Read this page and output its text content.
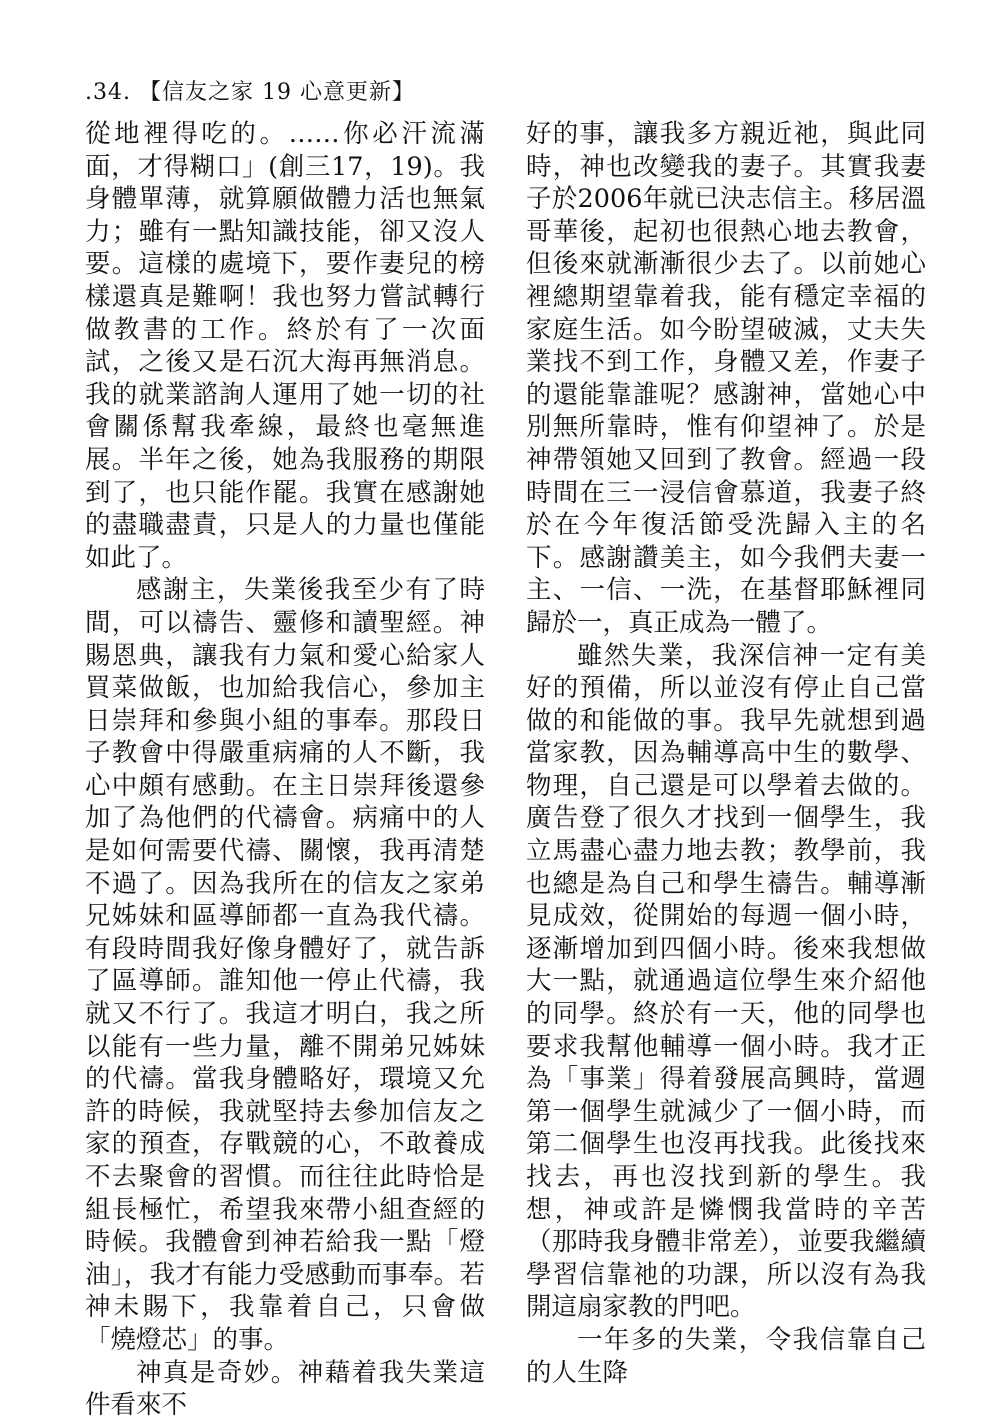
.34. 【信友之家 19 心意更新】

從地裡得吃的。……你必汗流滿面，才得糊口」(創三17，19)。我身體單薄，就算願做體力活也無氣力；雖有一點知識技能，卻又沒人要。這樣的處境下，要作妻兒的榜樣還真是難啊！我也努力嘗試轉行做教書的工作。終於有了一次面試，之後又是石沉大海再無消息。我的就業諮詢人運用了她一切的社會關係幫我牽線，最終也毫無進展。半年之後，她為我服務的期限到了，也只能作罷。我實在感謝她的盡職盡責，只是人的力量也僅能如此了。

感謝主，失業後我至少有了時間，可以禱告、靈修和讀聖經。神賜恩典，讓我有力氣和愛心給家人買菜做飯，也加給我信心，參加主日崇拜和參與小組的事奉。那段日子教會中得嚴重病痛的人不斷，我心中頗有感動。在主日崇拜後還參加了為他們的代禱會。病痛中的人是如何需要代禱、關懷，我再清楚不過了。因為我所在的信友之家弟兄姊妹和區導師都一直為我代禱。有段時間我好像身體好了，就告訴了區導師。誰知他一停止代禱，我就又不行了。我這才明白，我之所以能有一些力量，離不開弟兄姊妹的代禱。當我身體略好，環境又允許的時候，我就堅持去參加信友之家的預查，存戰競的心，不敢養成不去聚會的習慣。而往往此時恰是組長極忙，希望我來帶小組查經的時候。我體會到神若給我一點「燈油」，我才有能力受感動而事奉。若神未賜下，我靠着自己，只會做「燒燈芯」的事。

神真是奇妙。神藉着我失業這件看來不

好的事，讓我多方親近祂，與此同時，神也改變我的妻子。其實我妻子於2006年就已決志信主。移居溫哥華後，起初也很熱心地去教會，但後來就漸漸很少去了。以前她心裡總期望靠着我，能有穩定幸福的家庭生活。如今盼望破滅，丈夫失業找不到工作，身體又差，作妻子的還能靠誰呢？感謝神，當她心中別無所靠時，惟有仰望神了。於是神帶領她又回到了教會。經過一段時間在三一浸信會慕道，我妻子終於在今年復活節受洗歸入主的名下。感謝讚美主，如今我們夫妻一主、一信、一洗，在基督耶穌裡同歸於一，真正成為一體了。

雖然失業，我深信神一定有美好的預備，所以並沒有停止自己當做的和能做的事。我早先就想到過當家教，因為輔導高中生的數學、物理，自己還是可以學着去做的。廣告登了很久才找到一個學生，我立馬盡心盡力地去教；教學前，我也總是為自己和學生禱告。輔導漸見成效，從開始的每週一個小時，逐漸增加到四個小時。後來我想做大一點，就通過這位學生來介紹他的同學。終於有一天，他的同學也要求我幫他輔導一個小時。我才正為「事業」得着發展高興時，當週第一個學生就減少了一個小時，而第二個學生也沒再找我。此後找來找去，再也沒找到新的學生。我想，神或許是憐憫我當時的辛苦（那時我身體非常差），並要我繼續學習信靠祂的功課，所以沒有為我開這扇家教的門吧。

一年多的失業，令我信靠自己的人生降
